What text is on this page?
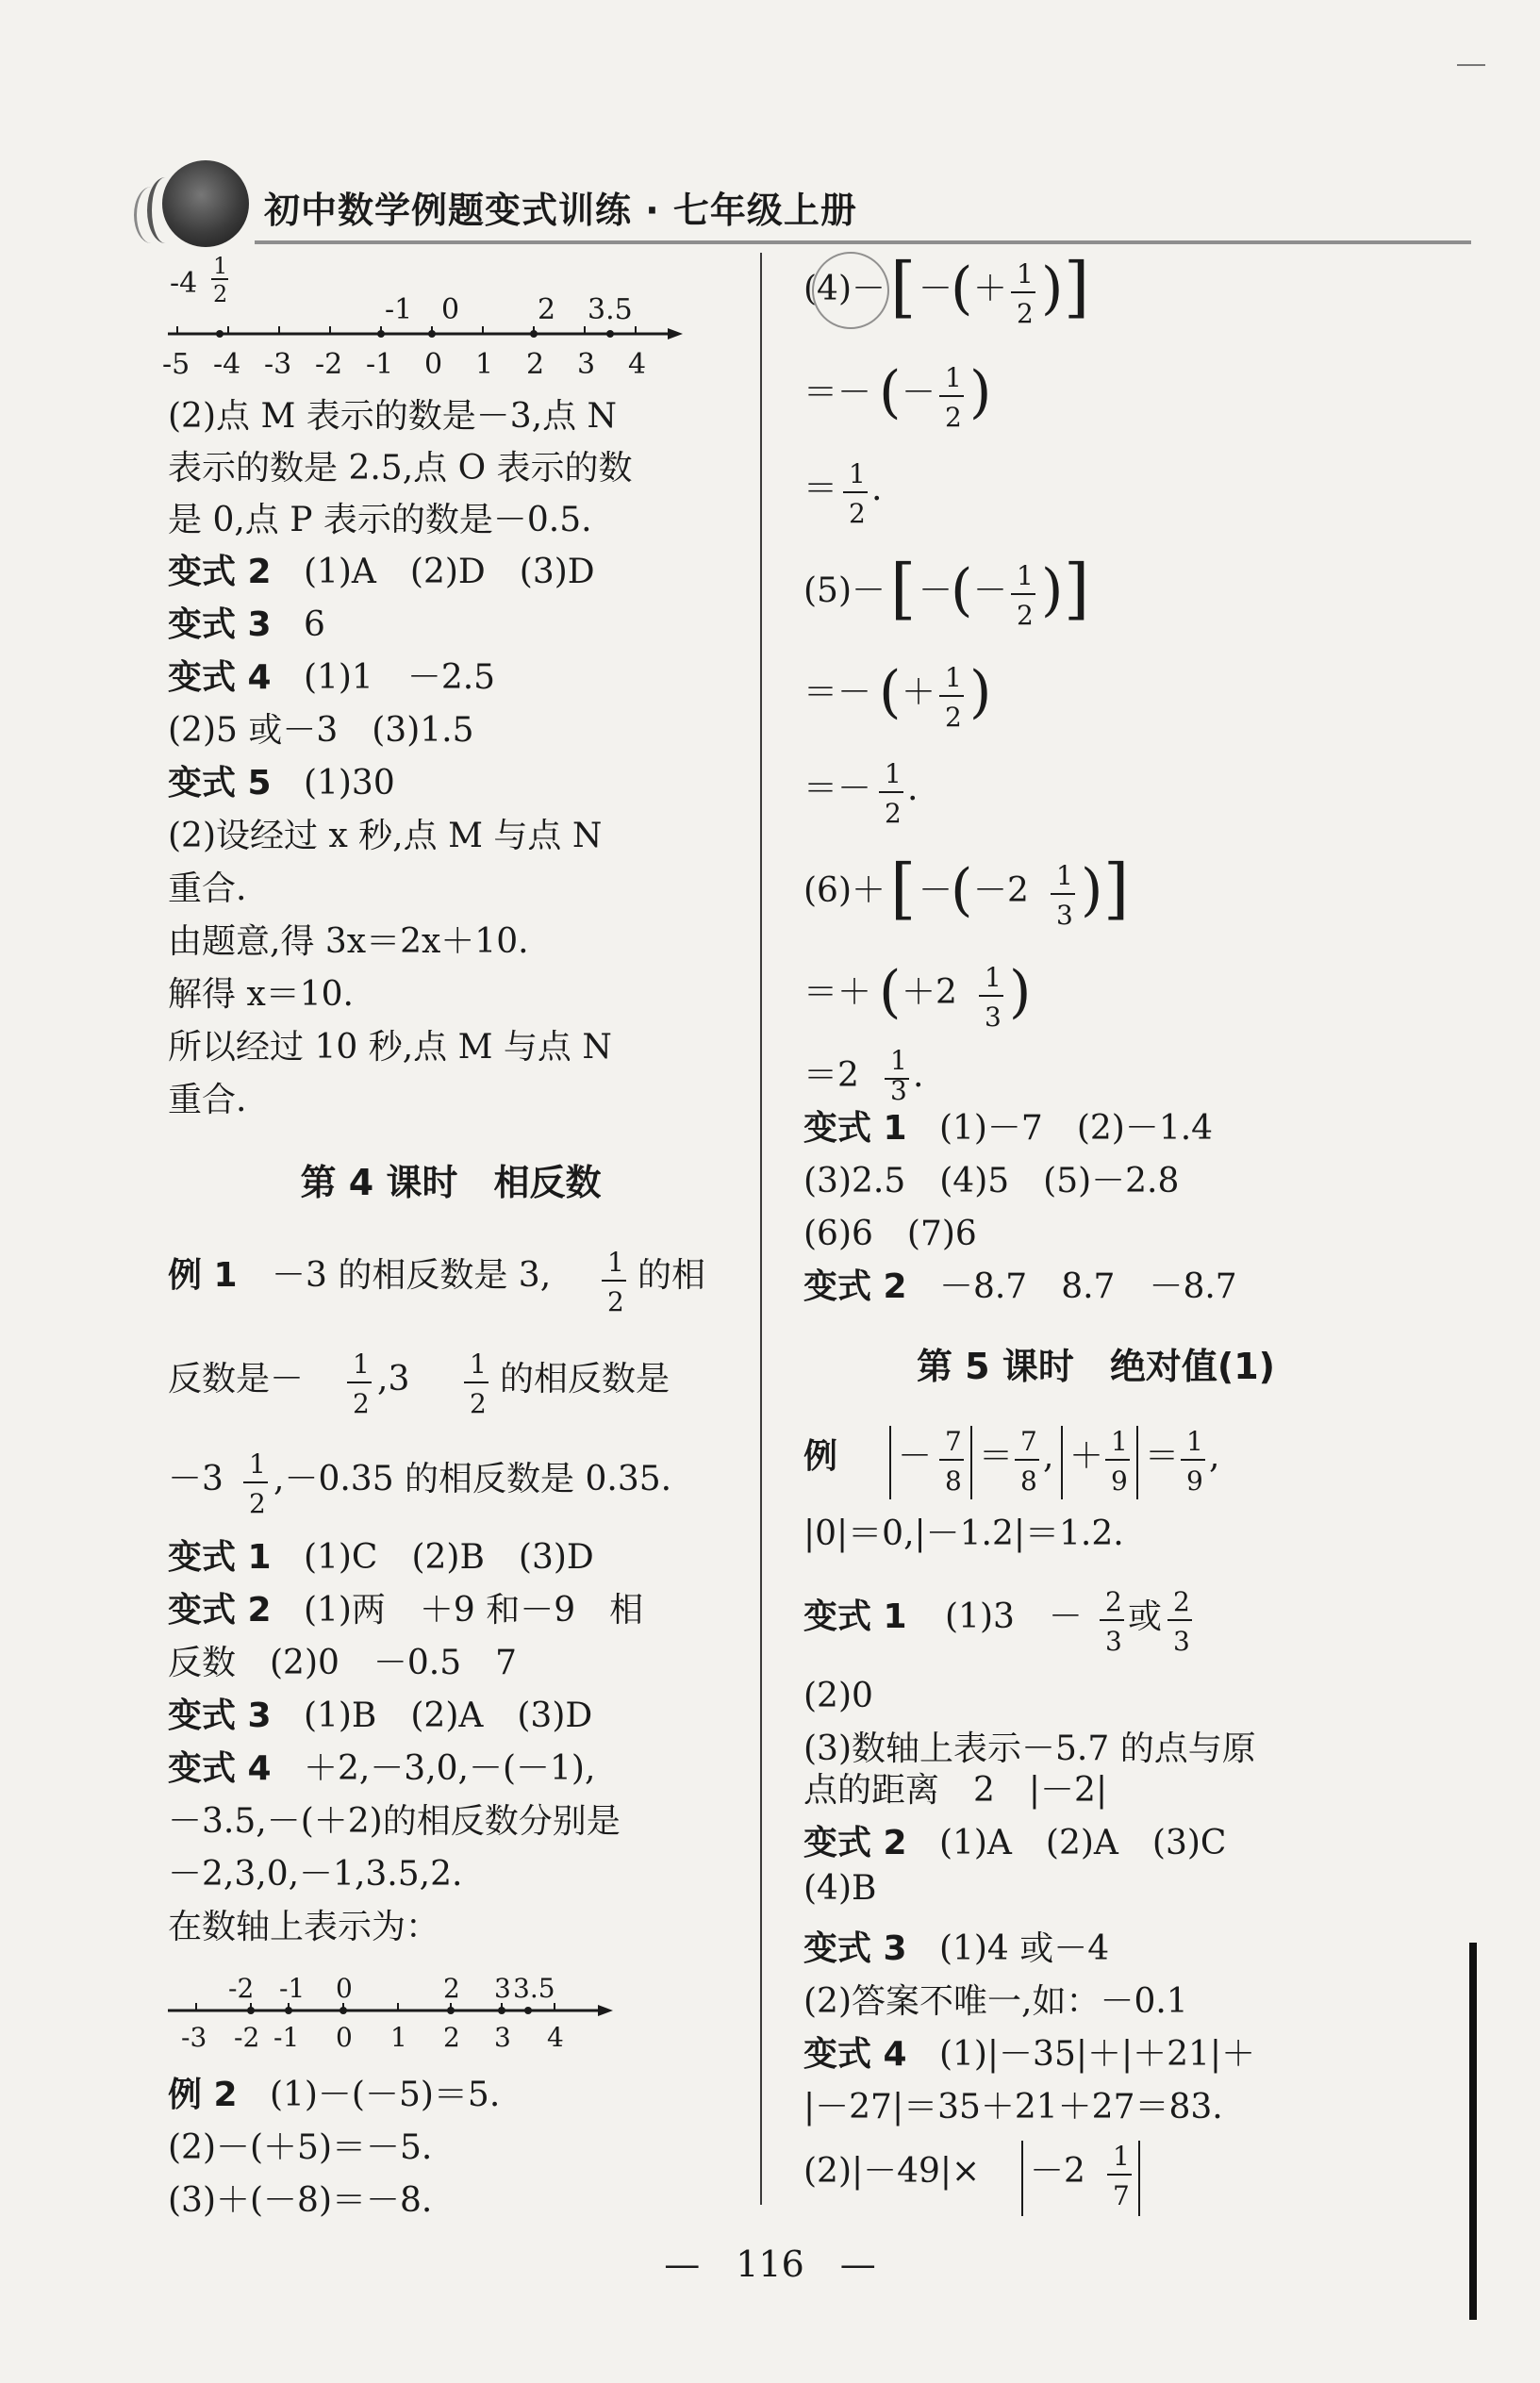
初中数学例题变式训练 · 七年级上册
-4
1
2	-1 0	2 3.5
-5 -4 -3 -2 -1 0 1 2 3 4
(2)点 M 表示的数是－3,点 N
表示的数是 2.5,点 O 表示的数
是 0,点 P 表示的数是－0.5.
变式 2 (1)A　(2)D　(3)D
变式 3 6
变式 4 (1)1　－2.5
(2)5 或－3　(3)1.5
变式 5 (1)30
(2)设经过 x 秒,点 M 与点 N
重合.
由题意,得 3x＝2x＋10.
解得 x＝10.
所以经过 10 秒,点 M 与点 N
重合.
第 4 课时　相反数
例 1 －3 的相反数是 3, 1
2
的相
反数是－ 1
2
,3 1
2
的相反数是
－3 1
2
,－0.35 的相反数是 0.35.
变式 1 (1)C　(2)B　(3)D
变式 2 (1)两　＋9 和－9　相
反数　(2)0　－0.5　7
变式 3 (1)B　(2)A　(3)D
变式 4 ＋2,－3,0,－(－1),
－3.5,－(＋2)的相反数分别是
－2,3,0,－1,3.5,2.
在数轴上表示为：
-2 -1 0	2 3 3.5
-3 -2 -1 0 1 2 3 4
例 2 (1)－(－5)＝5.
(2)－(＋5)＝－5.
(3)＋(－8)＝－8.
(4)－ [ －
( ＋ 1
2 ) ]
＝－ ( － 1
2 )
＝ 1
2
.
(5)－ [ －
( － 1
2 ) ]
＝－ ( ＋ 1
2 )
＝－ 1
2
.
(6)＋ [ －
( －2 1
3 ) ]
＝＋ ( ＋2 1
3 )
＝2 1
3 .
变式 1 (1)－7　(2)－1.4
(3)2.5　(4)5　(5)－2.8
(6)6　(7)6
变式 2 －8.7　8.7　－8.7
第 5 课时　绝对值(1)
例 － 7
8
＝ 7
8
, ＋ 1
9
＝ 1
9
,
|0|＝0,|－1.2|＝1.2.
变式 1 (1)3　－ 2
3
或 2
3
(2)0
(3)数轴上表示－5.7 的点与原
点的距离　2　|－2|
变式 2 (1)A　(2)A　(3)C
(4)B
变式 3 (1)4 或－4
(2)答案不唯一,如：－0.1
变式 4 (1)|－35|＋|＋21|＋
|－27|＝35＋21＋27＝83.
(2)|－49|× －2 1
7
—　116　—
